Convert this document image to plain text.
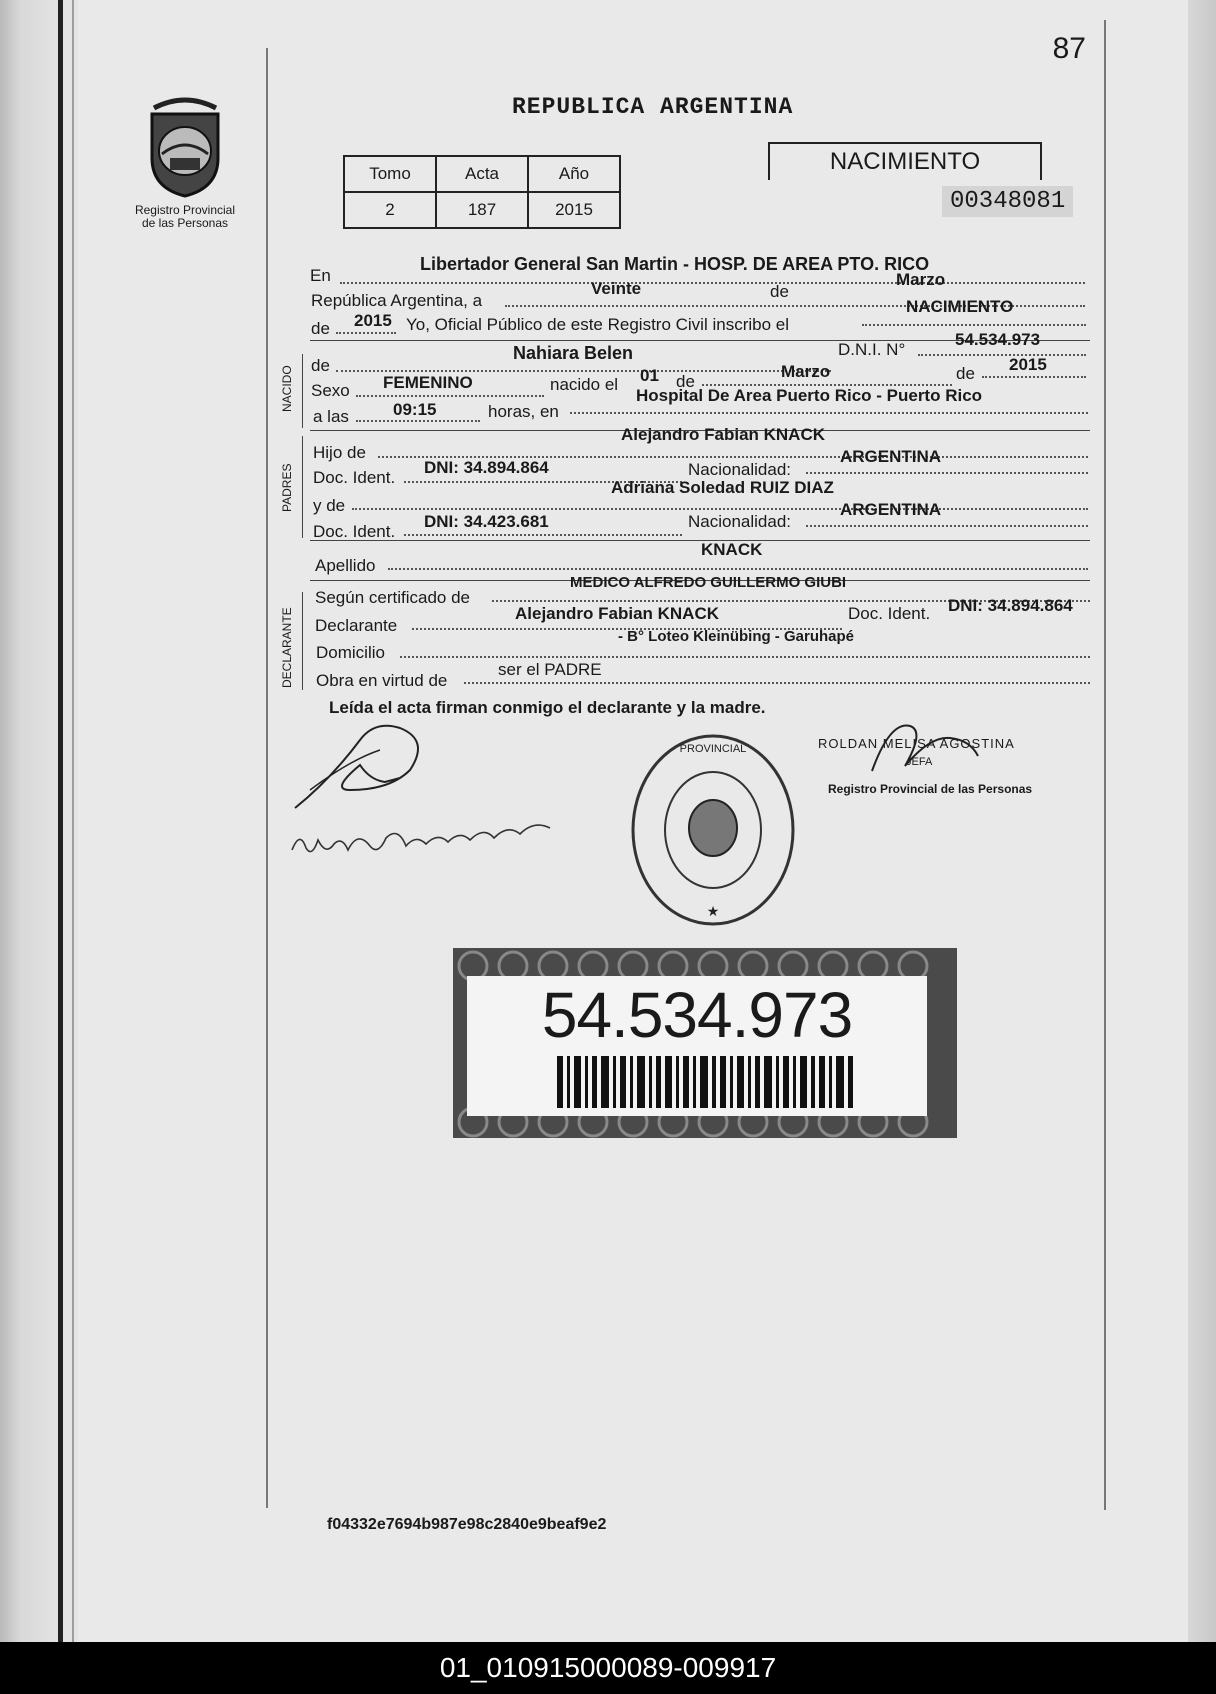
87
Registro Provincial
de las Personas
REPUBLICA ARGENTINA
Tomo	Acta	Año
2	187	2015
NACIMIENTO
00348081
NACIDO
PADRES
DECLARANTE
En
Libertador General San Martin - HOSP. DE AREA PTO. RICO
República Argentina, a
Veinte	de
Marzo
de 2015 Yo, Oficial Público de este Registro Civil inscribo el
NACIMIENTO
de
Nahiara Belen	D.N.I. N°
54.534.973
Sexo FEMENINO	nacido el 01 de
Marzo	de 2015
a las	09:15	horas, en
Hospital De Area Puerto Rico - Puerto Rico
Hijo de
Alejandro Fabian KNACK
Doc. Ident.
DNI: 34.894.864	Nacionalidad:
ARGENTINA
y de
Adriana Soledad RUIZ DIAZ
Doc. Ident.
DNI: 34.423.681	Nacionalidad:
ARGENTINA
Apellido
KNACK
Según certificado de
MEDICO ALFREDO GUILLERMO GIUBI
Declarante
Alejandro Fabian KNACK	Doc. Ident. DNI: 34.894.864
Domicilio
- B° Loteo Kleinübing - Garuhapé
Obra en virtud de
ser el PADRE
Leída el acta firman conmigo el declarante y la madre.
ROLDAN MELISA AGOSTINA
JEFA
Registro Provincial de las Personas
PROVINCIAL
★
54.534.973
f04332e7694b987e98c2840e9beaf9e2
01_010915000089-009917
